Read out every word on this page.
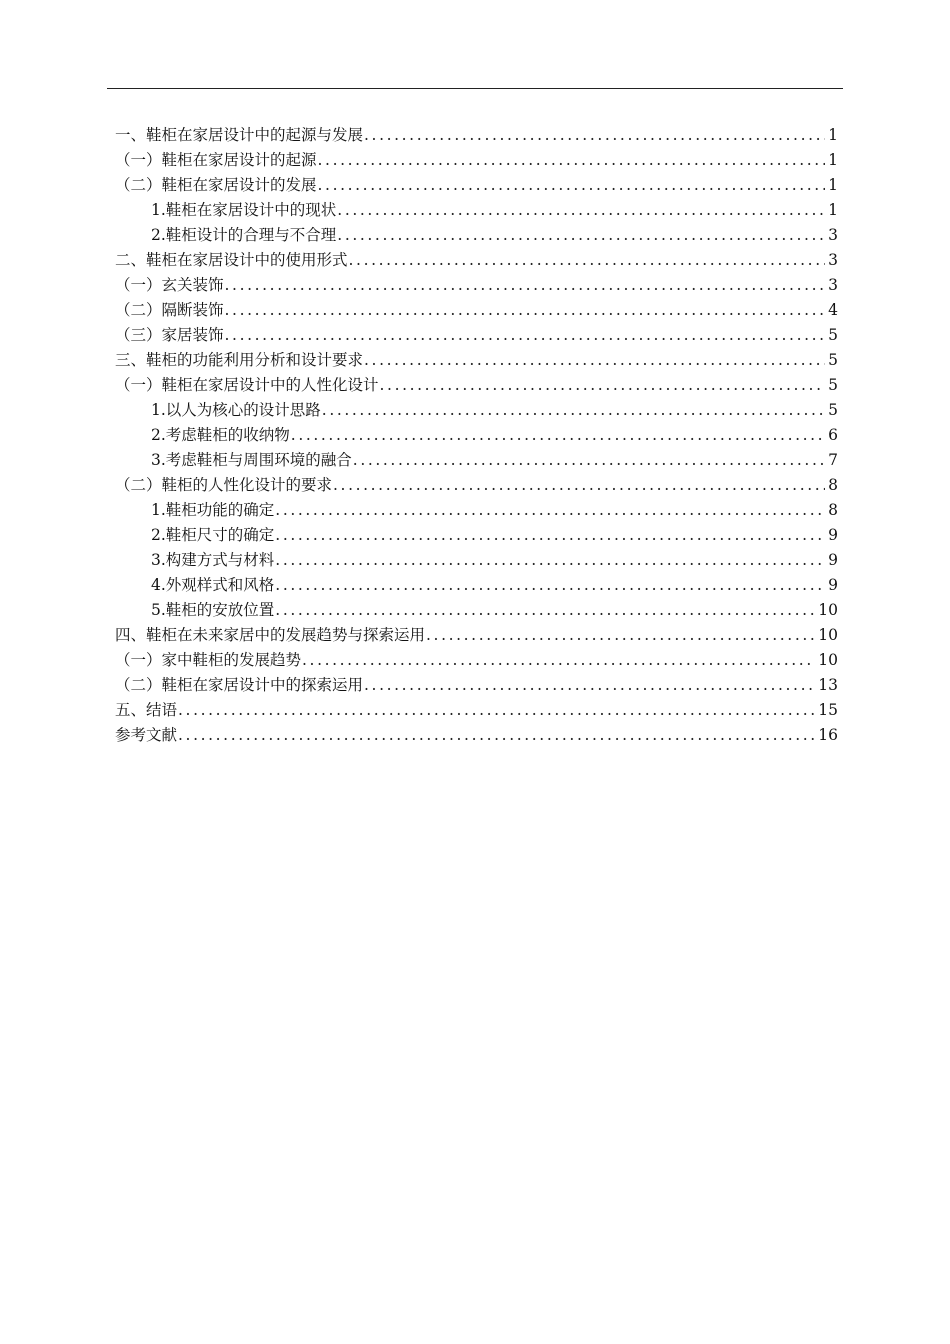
一、鞋柜在家居设计中的起源与发展 .....	1
（一）鞋柜在家居设计的起源 .....	1
（二）鞋柜在家居设计的发展 .....	1
1.鞋柜在家居设计中的现状 .....	1
2.鞋柜设计的合理与不合理 .....	3
二、鞋柜在家居设计中的使用形式 .....	3
（一）玄关装饰 .....	3
（二）隔断装饰 .....	4
（三）家居装饰 .....	5
三、鞋柜的功能利用分析和设计要求 .....	5
（一）鞋柜在家居设计中的人性化设计 .....	5
1.以人为核心的设计思路 .....	5
2.考虑鞋柜的收纳物 .....	6
3.考虑鞋柜与周围环境的融合 .....	7
（二）鞋柜的人性化设计的要求 .....	8
1.鞋柜功能的确定 .....	8
2.鞋柜尺寸的确定 .....	9
3.构建方式与材料 .....	9
4.外观样式和风格 .....	9
5.鞋柜的安放位置 .....	10
四、鞋柜在未来家居中的发展趋势与探索运用 .....	10
（一）家中鞋柜的发展趋势 .....	10
（二）鞋柜在家居设计中的探索运用 .....	13
五、结语 .....	15
参考文献 .....	16
